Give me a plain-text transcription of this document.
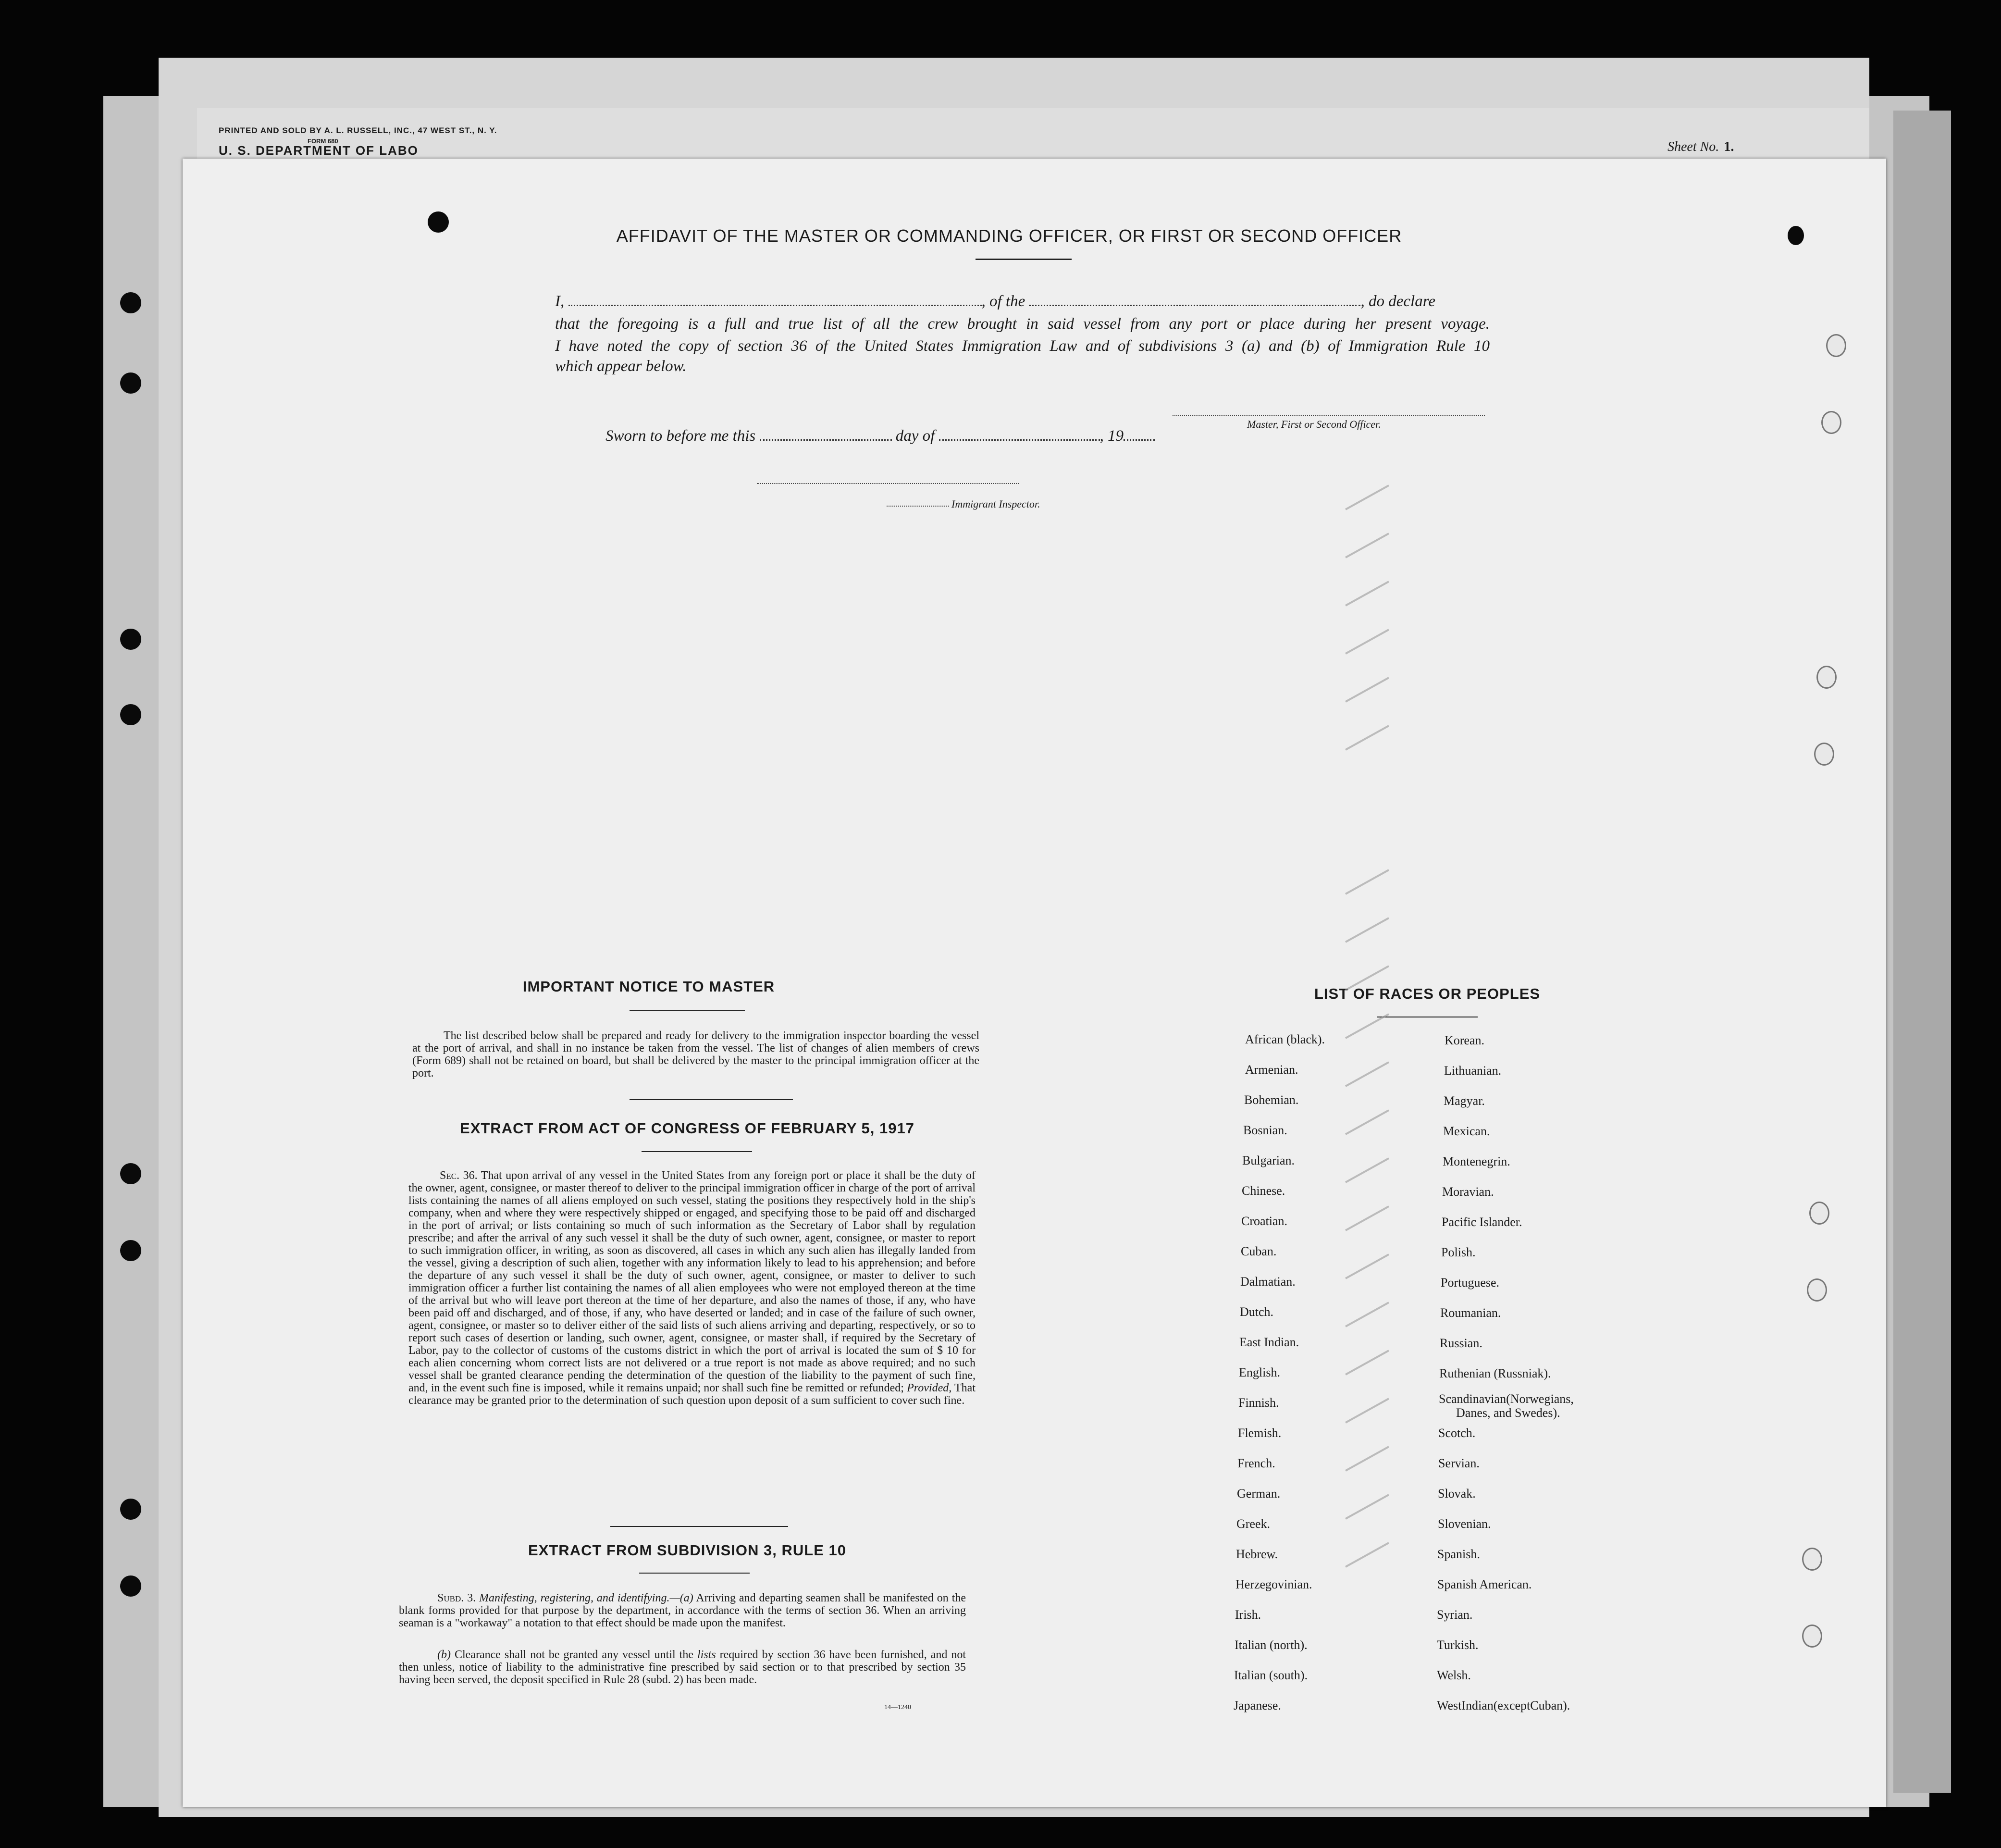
PRINTED AND SOLD BY A. L. RUSSELL, INC., 47 WEST ST., N. Y.
FORM 680
U. S. DEPARTMENT OF LABO	Sheet No. 1.
AFFIDAVIT OF THE MASTER OR COMMANDING OFFICER, OR FIRST OR SECOND OFFICER
I,	, of the	, do declare
that the foregoing is a full and true list of all the crew brought in said vessel from any port or place during her present voyage.
I have noted the copy of section 36 of the United States Immigration Law and of subdivisions 3 (a) and (b) of Immigration Rule 10
which appear below.
Master, First or Second Officer.
Sworn to before me this	day of	, 19
Immigrant Inspector.
IMPORTANT NOTICE TO MASTER
The list described below shall be prepared and ready for delivery to the immigration inspector boarding the vessel at the port of arrival, and shall in no instance be taken from the vessel. The list of changes of alien members of crews (Form 689) shall not be retained on board, but shall be delivered by the master to the principal immigration officer at the port.
EXTRACT FROM ACT OF CONGRESS OF FEBRUARY 5, 1917
Sec. 36. That upon arrival of any vessel in the United States from any foreign port or place it shall be the duty of the owner, agent, consignee, or master thereof to deliver to the principal immigration officer in charge of the port of arrival lists containing the names of all aliens employed on such vessel, stating the positions they respectively hold in the ship's company, when and where they were respectively shipped or engaged, and specifying those to be paid off and discharged in the port of arrival; or lists containing so much of such information as the Secretary of Labor shall by regulation prescribe; and after the arrival of any such vessel it shall be the duty of such owner, agent, consignee, or master to report to such immigration officer, in writing, as soon as discovered, all cases in which any such alien has illegally landed from the vessel, giving a description of such alien, together with any information likely to lead to his apprehension; and before the departure of any such vessel it shall be the duty of such owner, agent, consignee, or master to deliver to such immigration officer a further list containing the names of all alien employees who were not employed thereon at the time of the arrival but who will leave port thereon at the time of her departure, and also the names of those, if any, who have been paid off and discharged, and of those, if any, who have deserted or landed; and in case of the failure of such owner, agent, consignee, or master so to deliver either of the said lists of such aliens arriving and departing, respectively, or so to report such cases of desertion or landing, such owner, agent, consignee, or master shall, if required by the Secretary of Labor, pay to the collector of customs of the customs district in which the port of arrival is located the sum of $ 10 for each alien concerning whom correct lists are not delivered or a true report is not made as above required; and no such vessel shall be granted clearance pending the determination of the question of the liability to the payment of such fine, and, in the event such fine is imposed, while it remains unpaid; nor shall such fine be remitted or refunded; Provided, That clearance may be granted prior to the determination of such question upon deposit of a sum sufficient to cover such fine.
EXTRACT FROM SUBDIVISION 3, RULE 10
Subd. 3. Manifesting, registering, and identifying.—(a) Arriving and departing seamen shall be manifested on the blank forms provided for that purpose by the department, in accordance with the terms of section 36. When an arriving seaman is a "workaway" a notation to that effect should be made upon the manifest.
(b) Clearance shall not be granted any vessel until the lists required by section 36 have been furnished, and not then unless, notice of liability to the administrative fine prescribed by said section or to that prescribed by section 35 having been served, the deposit specified in Rule 28 (subd. 2) has been made.
14—1240
LIST OF RACES OR PEOPLES
African (black).
Armenian.
Bohemian.
Bosnian.
Bulgarian.
Chinese.
Croatian.
Cuban.
Dalmatian.
Dutch.
East Indian.
English.
Finnish.
Flemish.
French.
German.
Greek.
Hebrew.
Herzegovinian.
Irish.
Italian (north).
Italian (south).
Japanese.
Korean.
Lithuanian.
Magyar.
Mexican.
Montenegrin.
Moravian.
Pacific Islander.
Polish.
Portuguese.
Roumanian.
Russian.
Ruthenian (Russniak).
Scandinavian(Norwegians,
Danes, and Swedes).
Scotch.
Servian.
Slovak.
Slovenian.
Spanish.
Spanish American.
Syrian.
Turkish.
Welsh.
WestIndian(exceptCuban).
